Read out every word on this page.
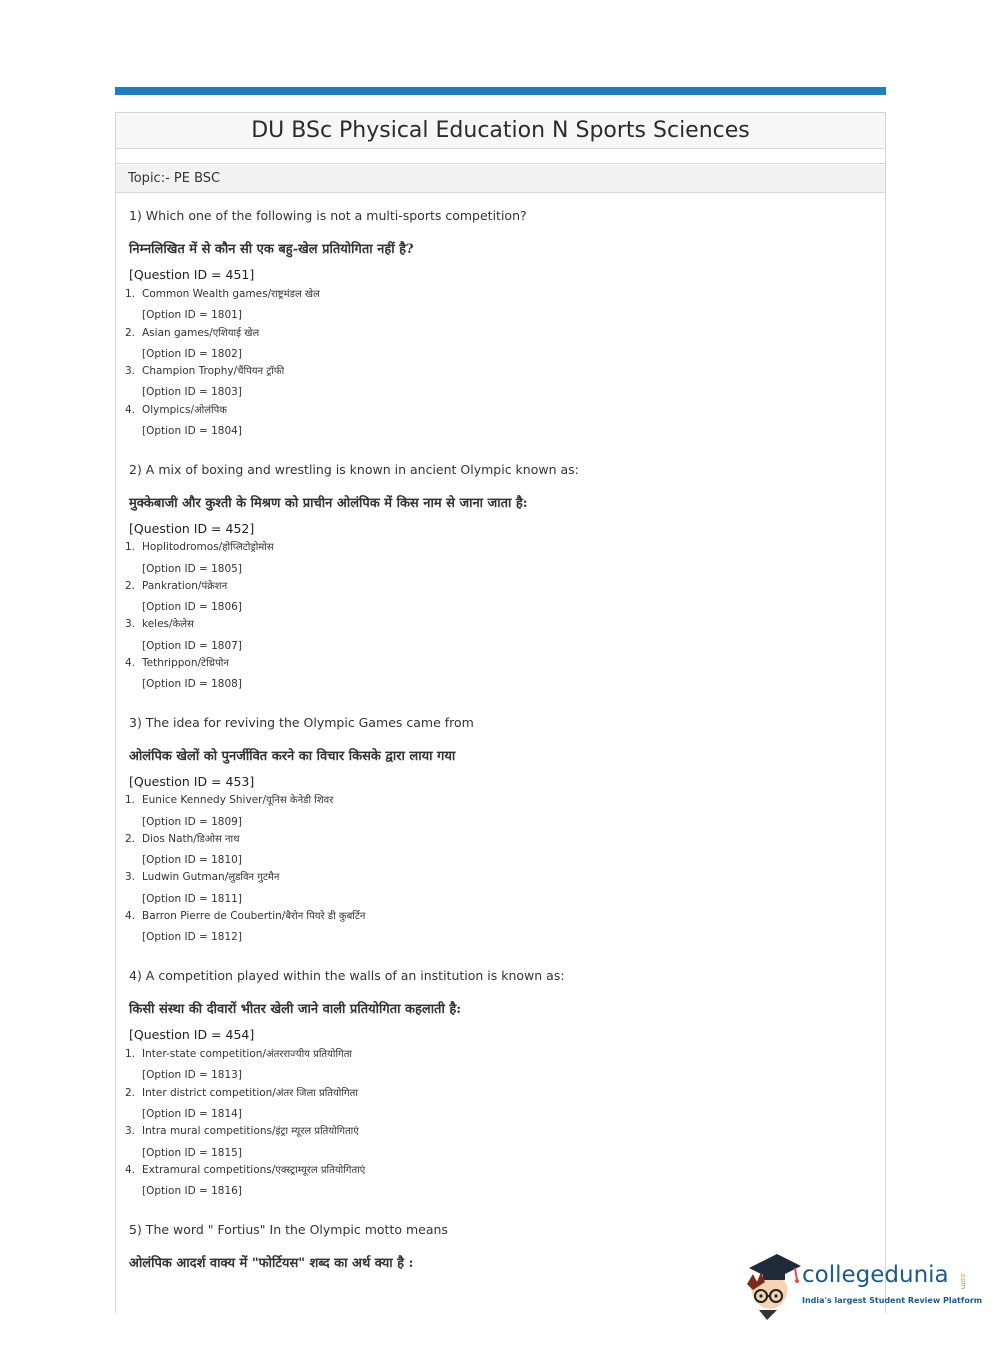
DU BSc Physical Education N Sports Sciences
Topic:- PE BSC
1) Which one of the following is not a multi-sports competition?
निम्नलिखित में से कौन सी एक बहु-खेल प्रतियोगिता नहीं है?
[Question ID = 451]
1. Common Wealth games/राष्ट्रमंडल खेल
[Option ID = 1801]
2. Asian games/एशियाई खेल
[Option ID = 1802]
3. Champion Trophy/चैंपियन ट्रॉफी
[Option ID = 1803]
4. Olympics/ओलंपिक
[Option ID = 1804]
2) A mix of boxing and wrestling is known in ancient Olympic known as:
मुक्केबाजी और कुश्ती के मिश्रण को प्राचीन ओलंपिक में किस नाम से जाना जाता है:
[Question ID = 452]
1. Hoplitodromos/होप्लिटोड्रोमोस
[Option ID = 1805]
2. Pankration/पंक्रेशन
[Option ID = 1806]
3. keles/केलेस
[Option ID = 1807]
4. Tethrippon/टेथ्रिपोन
[Option ID = 1808]
3) The idea for reviving the Olympic Games came from
ओलंपिक खेलों को पुनर्जीवित करने का विचार किसके द्वारा लाया गया
[Question ID = 453]
1. Eunice Kennedy Shiver/यूनिस केनेडी शिवर
[Option ID = 1809]
2. Dios Nath/डिओस नाथ
[Option ID = 1810]
3. Ludwin Gutman/लुडविन गुटमैन
[Option ID = 1811]
4. Barron Pierre de Coubertin/बैरोन पियरे डी कुबर्टिन
[Option ID = 1812]
4) A competition played within the walls of an institution is known as:
किसी संस्था की दीवारों भीतर खेली जाने वाली प्रतियोगिता कहलाती है:
[Question ID = 454]
1. Inter-state competition/अंतरराज्यीय प्रतियोगिता
[Option ID = 1813]
2. Inter district competition/अंतर जिला प्रतियोगिता
[Option ID = 1814]
3. Intra mural competitions/इंट्रा म्यूरल प्रतियोगिताएं
[Option ID = 1815]
4. Extramural competitions/एक्स्ट्राम्यूरल प्रतियोगिताएं
[Option ID = 1816]
5) The word " Fortius" In the Olympic motto means
ओलंपिक आदर्श वाक्य में "फोर्टियस" शब्द का अर्थ क्या है :	collegedunia .com
India's largest Student Review Platform
